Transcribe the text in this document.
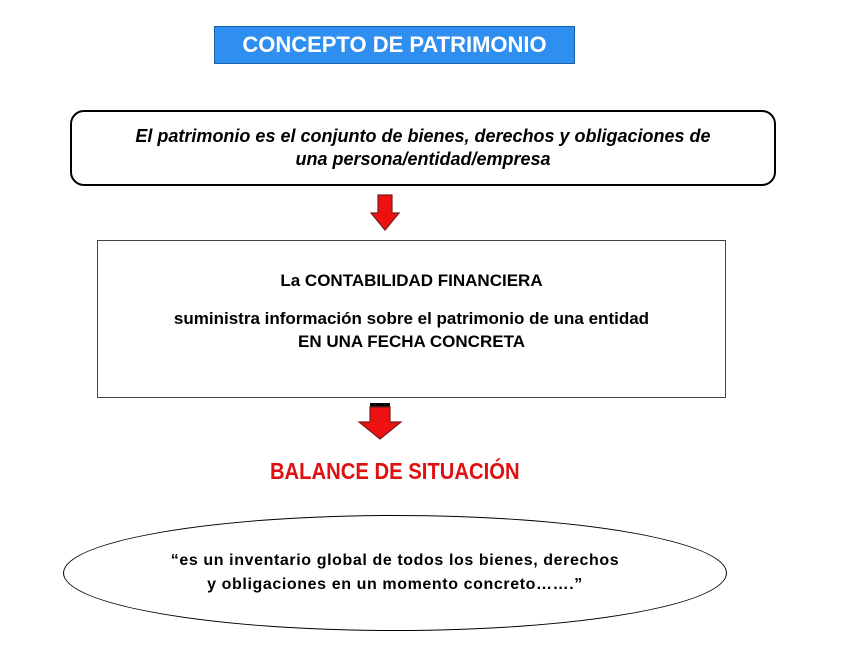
CONCEPTO DE PATRIMONIO
El patrimonio es el conjunto de bienes, derechos y obligaciones de
una persona/entidad/empresa
La CONTABILIDAD FINANCIERA
suministra información sobre el patrimonio de una entidad
EN UNA FECHA CONCRETA
BALANCE DE SITUACIÓN
“es un inventario global de todos los bienes, derechos
y obligaciones en un momento concreto…….”
